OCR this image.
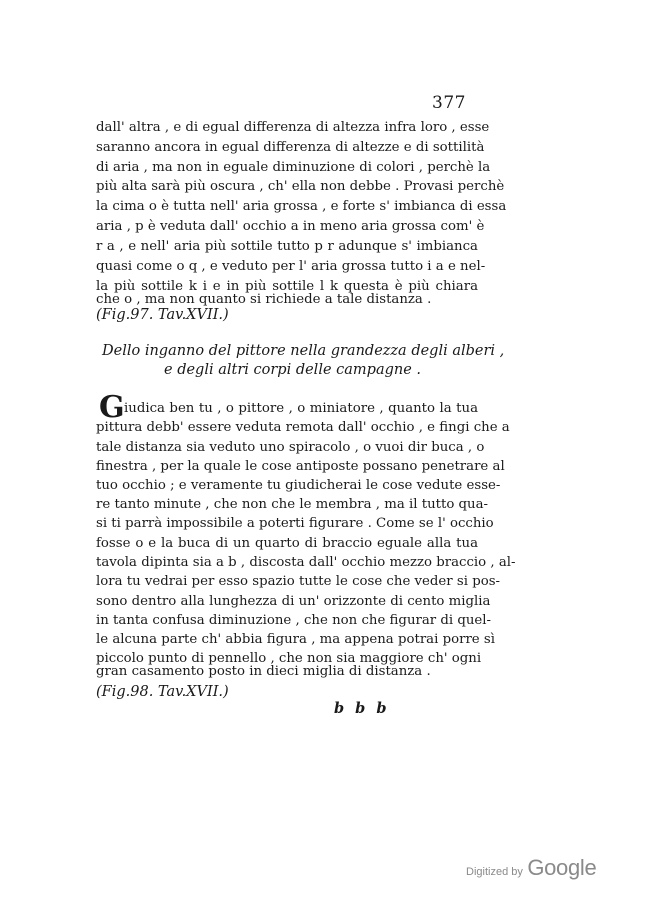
377
dall' altra , e di egual differenza di altezza infra loro , esse
saranno ancora in egual differenza di altezze e di sottilità
di aria , ma non in eguale diminuzione di colori , perchè la
più alta sarà più oscura , ch' ella non debbe . Provasi perchè
la cima o è tutta nell' aria grossa , e forte s' imbianca di essa
aria , p è veduta dall' occhio a in meno aria grossa com' è
r a , e nell' aria più sottile tutto p r adunque s' imbianca
quasi come o q , e veduto per l' aria grossa tutto i a e nel-
la più sottile k i e in più sottile l k questa è più chiara
che o , ma non quanto si richiede a tale distanza .
(Fig.97. Tav.XVII.)
Dello inganno del pittore nella grandezza degli alberi ,
e degli altri corpi delle campagne .
G iudica ben tu , o pittore , o miniatore , quanto la tua
pittura debb' essere veduta remota dall' occhio , e fingi che a
tale distanza sia veduto uno spiracolo , o vuoi dir buca , o
finestra , per la quale le cose antiposte possano penetrare al
tuo occhio ; e veramente tu giudicherai le cose vedute esse-
re tanto minute , che non che le membra , ma il tutto qua-
si ti parrà impossibile a poterti figurare . Come se l' occhio
fosse o e la buca di un quarto di braccio eguale alla tua
tavola dipinta sia a b , discosta dall' occhio mezzo braccio , al-
lora tu vedrai per esso spazio tutte le cose che veder si pos-
sono dentro alla lunghezza di un' orizzonte di cento miglia
in tanta confusa diminuzione , che non che figurar di quel-
le alcuna parte ch' abbia figura , ma appena potrai porre sì
piccolo punto di pennello , che non sia maggiore ch' ogni
gran casamento posto in dieci miglia di distanza .
(Fig.98. Tav.XVII.)
b b b
Digitized by Google
